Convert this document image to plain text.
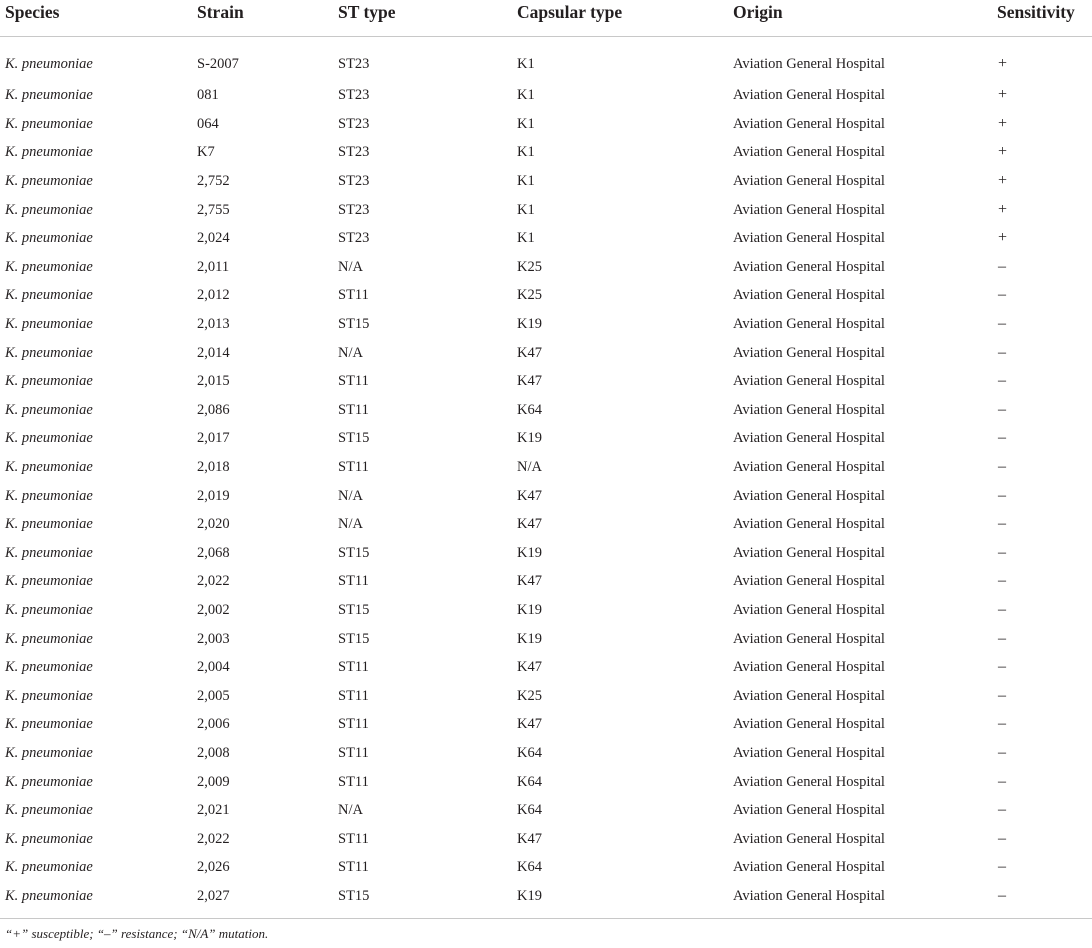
Species	Strain	ST type	Capsular type	Origin	Sensitivity
K. pneumoniae	S-2007	ST23	K1	Aviation General Hospital	+
K. pneumoniae	081	ST23	K1	Aviation General Hospital	+
K. pneumoniae	064	ST23	K1	Aviation General Hospital	+
K. pneumoniae	K7	ST23	K1	Aviation General Hospital	+
K. pneumoniae	2,752	ST23	K1	Aviation General Hospital	+
K. pneumoniae	2,755	ST23	K1	Aviation General Hospital	+
K. pneumoniae	2,024	ST23	K1	Aviation General Hospital	+
K. pneumoniae	2,011	N/A	K25	Aviation General Hospital	–
K. pneumoniae	2,012	ST11	K25	Aviation General Hospital	–
K. pneumoniae	2,013	ST15	K19	Aviation General Hospital	–
K. pneumoniae	2,014	N/A	K47	Aviation General Hospital	–
K. pneumoniae	2,015	ST11	K47	Aviation General Hospital	–
K. pneumoniae	2,086	ST11	K64	Aviation General Hospital	–
K. pneumoniae	2,017	ST15	K19	Aviation General Hospital	–
K. pneumoniae	2,018	ST11	N/A	Aviation General Hospital	–
K. pneumoniae	2,019	N/A	K47	Aviation General Hospital	–
K. pneumoniae	2,020	N/A	K47	Aviation General Hospital	–
K. pneumoniae	2,068	ST15	K19	Aviation General Hospital	–
K. pneumoniae	2,022	ST11	K47	Aviation General Hospital	–
K. pneumoniae	2,002	ST15	K19	Aviation General Hospital	–
K. pneumoniae	2,003	ST15	K19	Aviation General Hospital	–
K. pneumoniae	2,004	ST11	K47	Aviation General Hospital	–
K. pneumoniae	2,005	ST11	K25	Aviation General Hospital	–
K. pneumoniae	2,006	ST11	K47	Aviation General Hospital	–
K. pneumoniae	2,008	ST11	K64	Aviation General Hospital	–
K. pneumoniae	2,009	ST11	K64	Aviation General Hospital	–
K. pneumoniae	2,021	N/A	K64	Aviation General Hospital	–
K. pneumoniae	2,022	ST11	K47	Aviation General Hospital	–
K. pneumoniae	2,026	ST11	K64	Aviation General Hospital	–
K. pneumoniae	2,027	ST15	K19	Aviation General Hospital	–
“+” susceptible; “–” resistance; “N/A” mutation.
